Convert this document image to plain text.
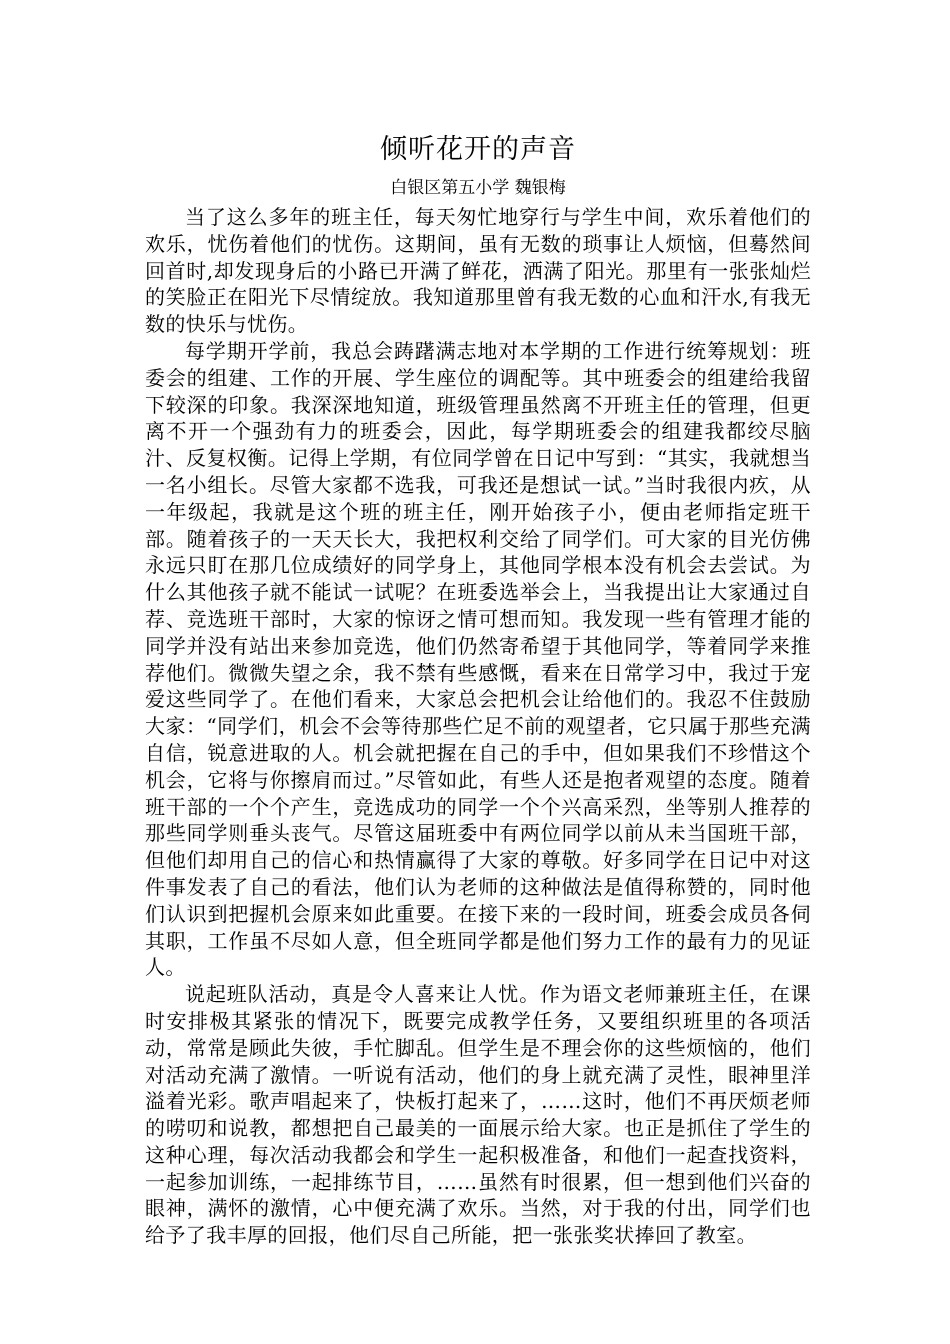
倾听花开的声音
白银区第五小学 魏银梅

当了这么多年的班主任，每天匆忙地穿行与学生中间，欢乐着他们的欢乐，忧伤着他们的忧伤。这期间，虽有无数的琐事让人烦恼，但蓦然间回首时,却发现身后的小路已开满了鲜花，洒满了阳光。那里有一张张灿烂的笑脸正在阳光下尽情绽放。我知道那里曾有我无数的心血和汗水,有我无数的快乐与忧伤。

每学期开学前，我总会踌躇满志地对本学期的工作进行统筹规划：班委会的组建、工作的开展、学生座位的调配等。其中班委会的组建给我留下较深的印象。我深深地知道，班级管理虽然离不开班主任的管理，但更离不开一个强劲有力的班委会，因此，每学期班委会的组建我都绞尽脑汁、反复权衡。记得上学期，有位同学曾在日记中写到：“其实，我就想当一名小组长。尽管大家都不选我，可我还是想试一试。”当时我很内疚，从一年级起，我就是这个班的班主任，刚开始孩子小，便由老师指定班干部。随着孩子的一天天长大，我把权利交给了同学们。可大家的目光仿佛永远只盯在那几位成绩好的同学身上，其他同学根本没有机会去尝试。为什么其他孩子就不能试一试呢？在班委选举会上，当我提出让大家通过自荐、竞选班干部时，大家的惊讶之情可想而知。我发现一些有管理才能的同学并没有站出来参加竞选，他们仍然寄希望于其他同学，等着同学来推荐他们。微微失望之余，我不禁有些感慨，看来在日常学习中，我过于宠爱这些同学了。在他们看来，大家总会把机会让给他们的。我忍不住鼓励大家：“同学们，机会不会等待那些伫足不前的观望者，它只属于那些充满自信，锐意进取的人。机会就把握在自己的手中，但如果我们不珍惜这个机会，它将与你擦肩而过。”尽管如此，有些人还是抱者观望的态度。随着班干部的一个个产生，竞选成功的同学一个个兴高采烈，坐等别人推荐的那些同学则垂头丧气。尽管这届班委中有两位同学以前从未当国班干部，但他们却用自己的信心和热情赢得了大家的尊敬。好多同学在日记中对这件事发表了自己的看法，他们认为老师的这种做法是值得称赞的，同时他们认识到把握机会原来如此重要。在接下来的一段时间，班委会成员各伺其职，工作虽不尽如人意，但全班同学都是他们努力工作的最有力的见证人。

说起班队活动，真是令人喜来让人忧。作为语文老师兼班主任，在课时安排极其紧张的情况下，既要完成教学任务，又要组织班里的各项活动，常常是顾此失彼，手忙脚乱。但学生是不理会你的这些烦恼的，他们对活动充满了激情。一听说有活动，他们的身上就充满了灵性，眼神里洋溢着光彩。歌声唱起来了，快板打起来了，……这时，他们不再厌烦老师的唠叨和说教，都想把自己最美的一面展示给大家。也正是抓住了学生的这种心理，每次活动我都会和学生一起积极准备，和他们一起查找资料，一起参加训练，一起排练节目，……虽然有时很累，但一想到他们兴奋的眼神，满怀的激情，心中便充满了欢乐。当然，对于我的付出，同学们也给予了我丰厚的回报，他们尽自己所能，把一张张奖状捧回了教室。
